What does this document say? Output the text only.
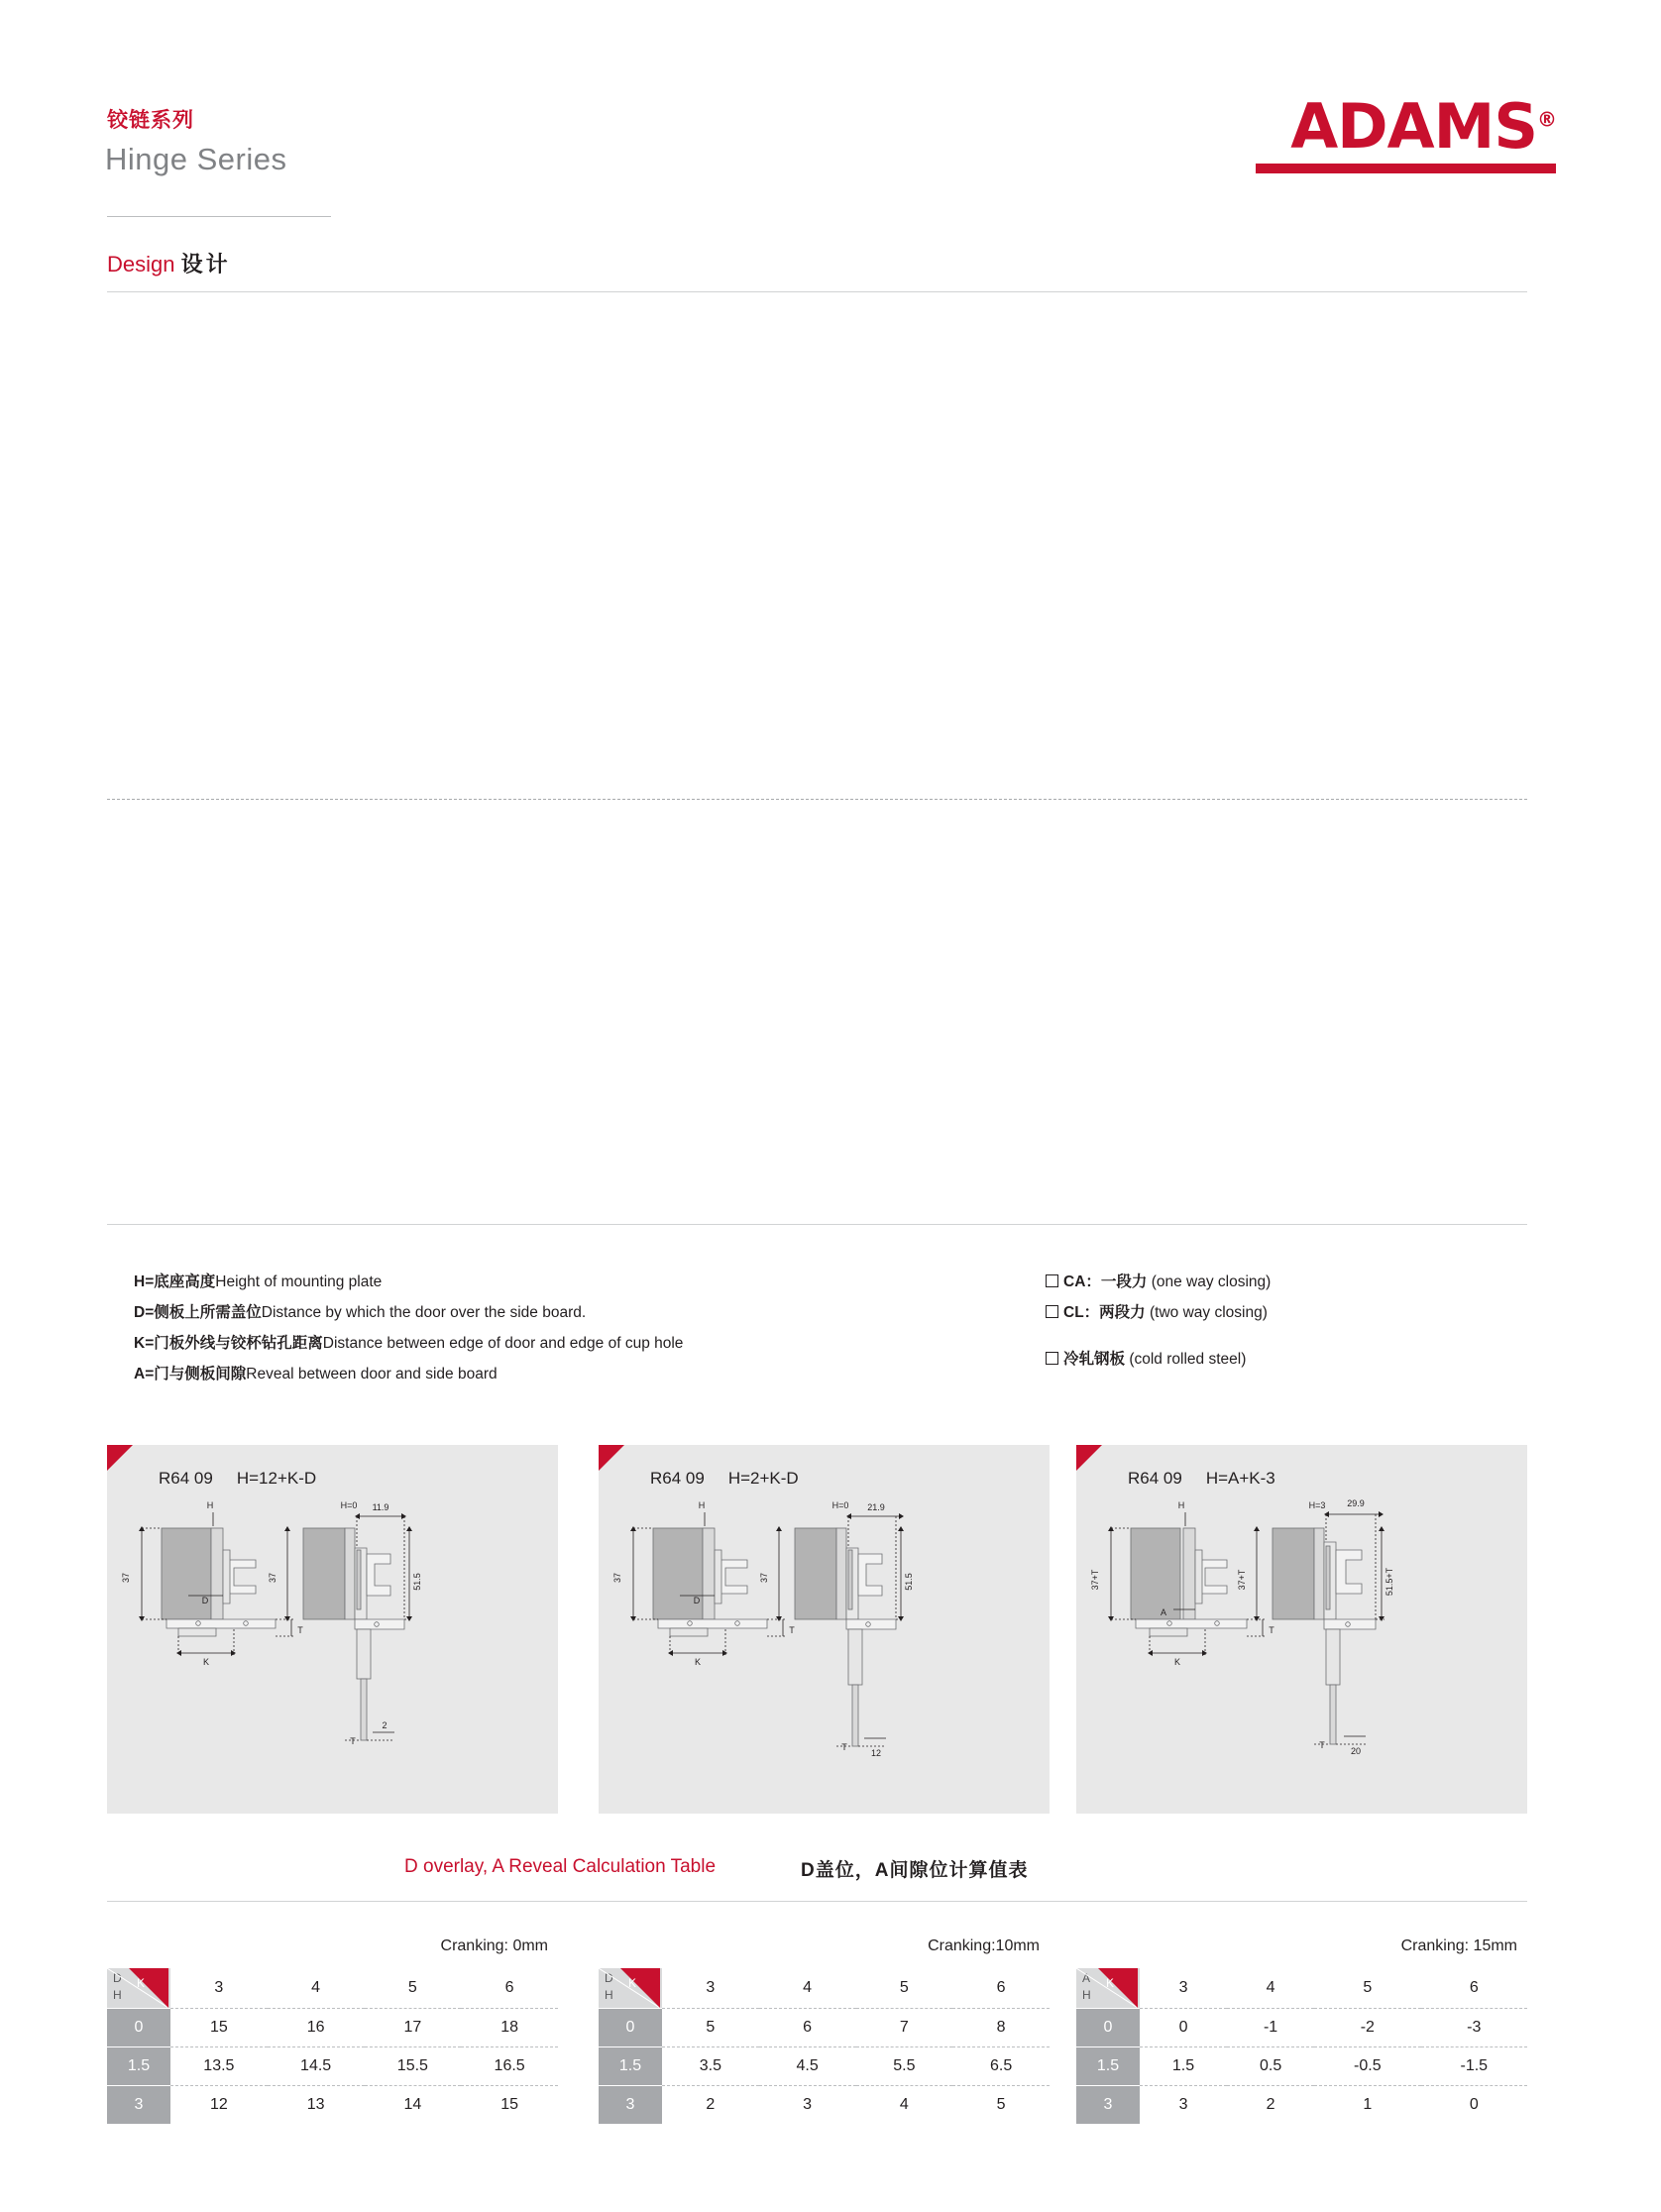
铰链系列
Hinge Series
Design 设计
ADAMS®
H=底座高度Height of mounting plate
D=侧板上所需盖位Distance by which the door over the side board.
K=门板外线与铰杯钻孔距离Distance between edge of door and edge of cup hole
A=门与侧板间隙Reveal between door and side board
CA：一段力 (one way closing)
CL：两段力 (two way closing)
冷轧钢板 (cold rolled steel)
R64 09 H=12+K-D
37	37	51.5
H	H=0 11.9
D
K
T
T
2
R64 09 H=2+K-D
37	37	51.5
H	H=0 21.9
D
K
T
T
12
R64 09 H=A+K-3
37+T	37+T	51.5+T
H	H=3 29.9
A
K
T
T
20
D overlay, A Reveal Calculation Table	D盖位，A间隙位计算值表
Cranking: 0mm
D
H
K	3	4	5	6
0	15	16	17	18
1.5	13.5	14.5	15.5	16.5
3	12	13	14	15
Cranking:10mm
D
H
K	3	4	5	6
0	5	6	7	8
1.5	3.5	4.5	5.5	6.5
3	2	3	4	5
Cranking: 15mm
A
H
K	3	4	5	6
0	0	-1	-2	-3
1.5	1.5	0.5	-0.5	-1.5
3	3	2	1	0
